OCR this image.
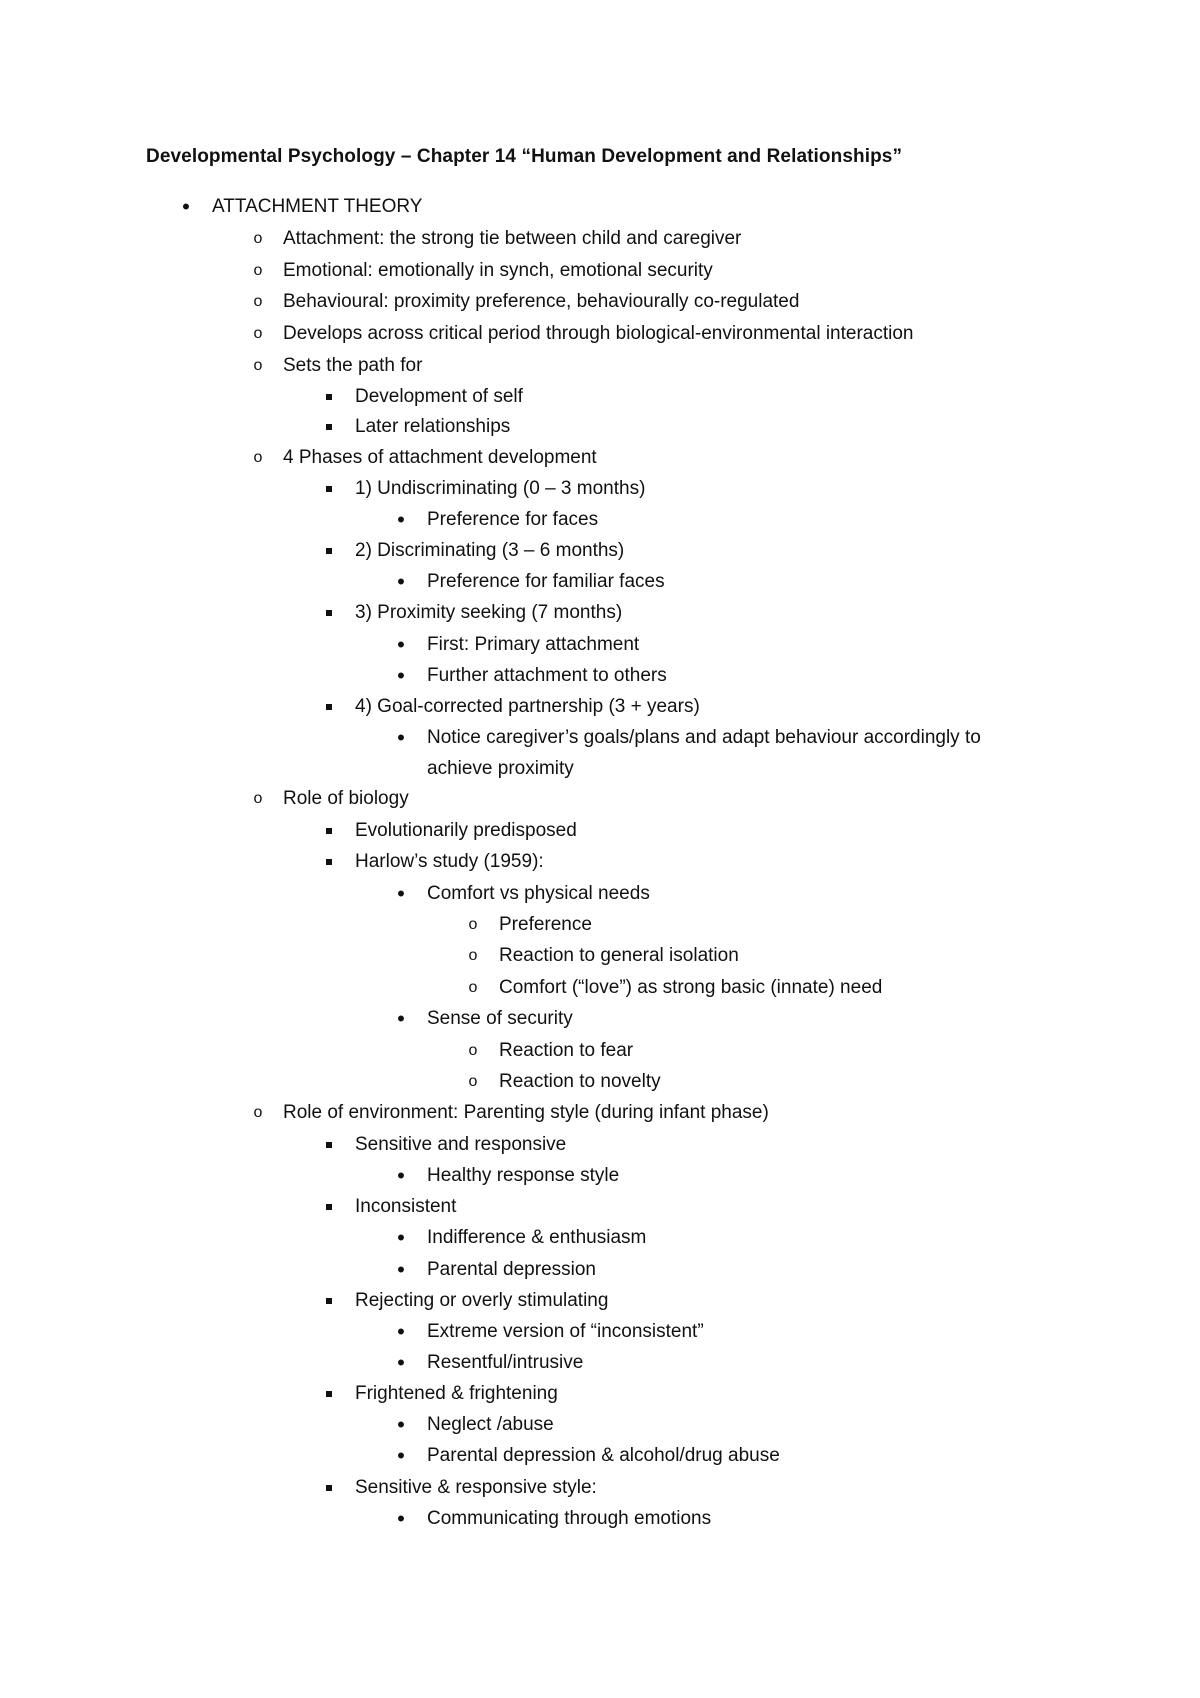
Developmental Psychology – Chapter 14 “Human Development and Relationships”
•	ATTACHMENT THEORY
o Attachment: the strong tie between child and caregiver
o Emotional: emotionally in synch, emotional security
o Behavioural: proximity preference, behaviourally co-regulated
o Develops across critical period through biological-environmental interaction
o Sets the path for
Development of self
Later relationships
o 4 Phases of attachment development
1) Undiscriminating (0 – 3 months)
•	Preference for faces
2) Discriminating (3 – 6 months)
•	Preference for familiar faces
3) Proximity seeking (7 months)
•	First: Primary attachment
•	Further attachment to others
4) Goal-corrected partnership (3 + years)
•	Notice caregiver’s goals/plans and adapt behaviour accordingly to
achieve proximity
o Role of biology
Evolutionarily predisposed
Harlow’s study (1959):
•	Comfort vs physical needs
o Preference
o Reaction to general isolation
o Comfort (“love”) as strong basic (innate) need
•	Sense of security
o Reaction to fear
o Reaction to novelty
o Role of environment: Parenting style (during infant phase)
Sensitive and responsive
•	Healthy response style
Inconsistent
•	Indifference & enthusiasm
•	Parental depression
Rejecting or overly stimulating
•	Extreme version of “inconsistent”
•	Resentful/intrusive
Frightened & frightening
•	Neglect /abuse
•	Parental depression & alcohol/drug abuse
Sensitive & responsive style:
•	Communicating through emotions
